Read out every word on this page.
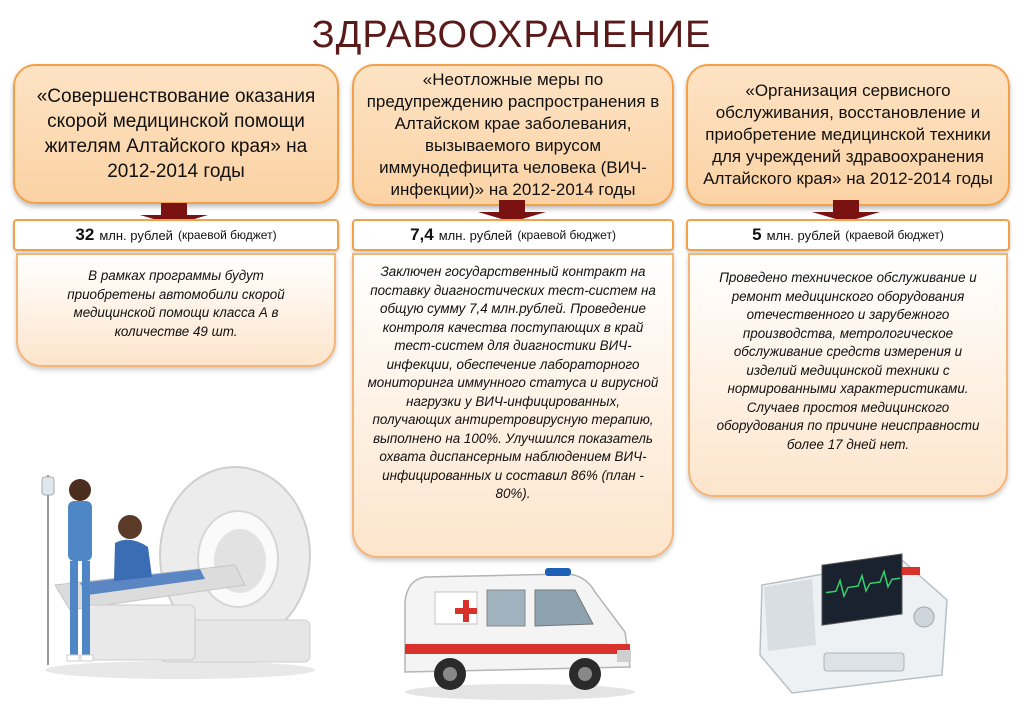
ЗДРАВООХРАНЕНИЕ
«Совершенствование оказания скорой медицинской помощи жителям Алтайского края» на 2012-2014 годы
32 млн. рублей (краевой бюджет)
В рамках программы будут приобретены автомобили скорой медицинской помощи класса А в количестве 49 шт.
«Неотложные меры по предупреждению распространения в Алтайском крае заболевания, вызываемого вирусом иммунодефицита человека (ВИЧ-инфекции)» на 2012-2014 годы
7,4 млн. рублей (краевой бюджет)
Заключен государственный контракт на поставку диагностических тест-систем на общую сумму 7,4 млн.рублей. Проведение контроля качества поступающих в край тест-систем для диагностики ВИЧ-инфекции, обеспечение лабораторного мониторинга иммунного статуса и вирусной нагрузки у ВИЧ-инфицированных, получающих антиретровирусную терапию, выполнено на 100%. Улучшился показатель охвата диспансерным наблюдением ВИЧ-инфицированных и составил 86% (план - 80%).
«Организация сервисного обслуживания, восстановление и приобретение медицинской техники для учреждений здравоохранения Алтайского края» на 2012-2014 годы
5 млн. рублей (краевой бюджет)
Проведено техническое обслуживание и ремонт медицинского оборудования отечественного и зарубежного производства, метрологическое обслуживание средств измерения и изделий медицинской техники с нормированными характеристиками. Случаев простоя медицинского оборудования по причине неисправности более 17 дней нет.
